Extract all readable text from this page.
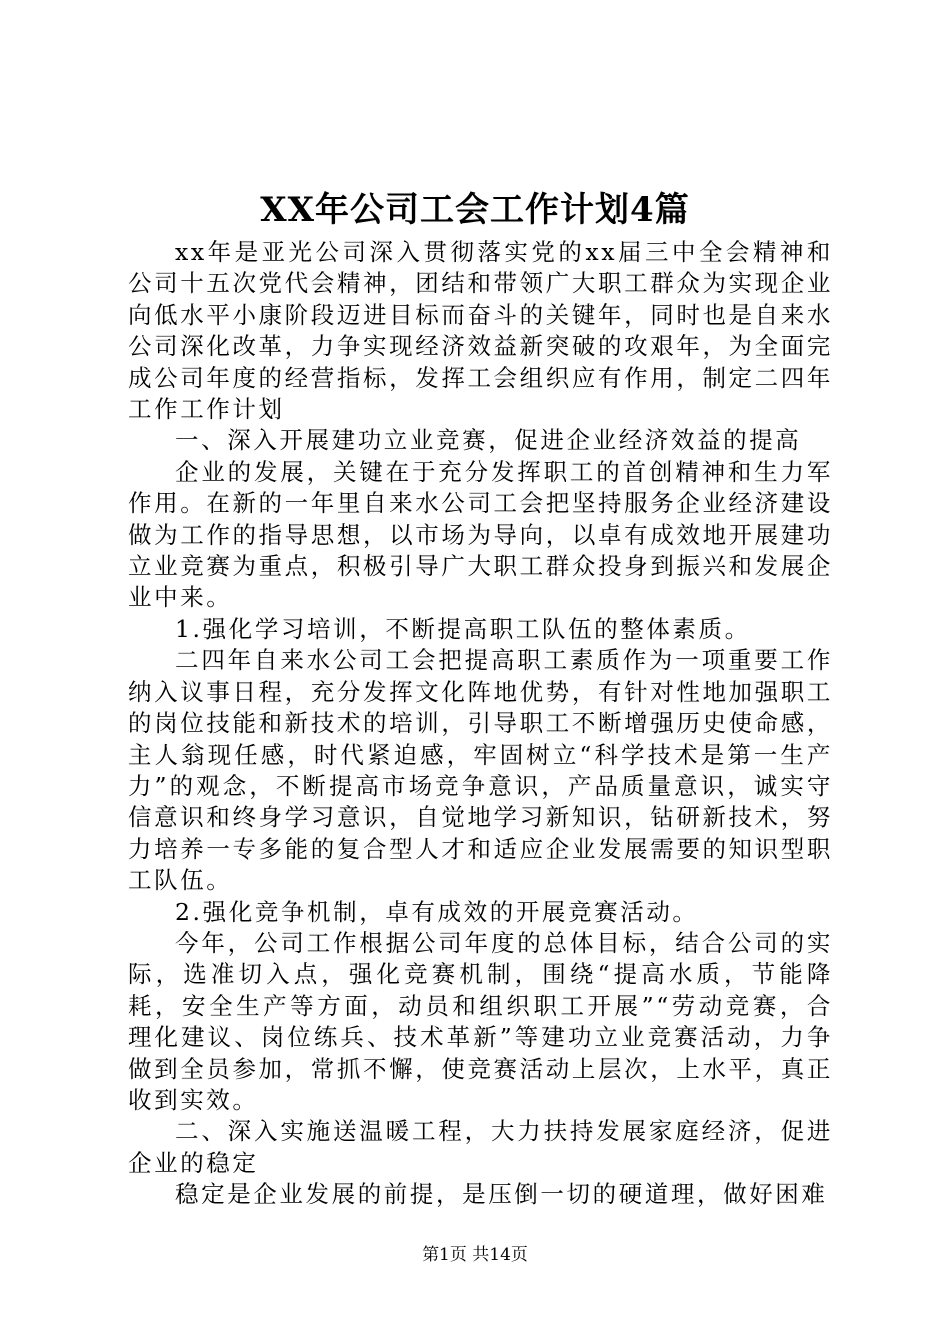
XX年公司工会工作计划4篇

xx年是亚光公司深入贯彻落实党的xx届三中全会精神和公司十五次党代会精神，团结和带领广大职工群众为实现企业向低水平小康阶段迈进目标而奋斗的关键年，同时也是自来水公司深化改革，力争实现经济效益新突破的攻艰年，为全面完成公司年度的经营指标，发挥工会组织应有作用，制定二四年工作工作计划

一、深入开展建功立业竞赛，促进企业经济效益的提高

企业的发展，关键在于充分发挥职工的首创精神和生力军作用。在新的一年里自来水公司工会把坚持服务企业经济建设做为工作的指导思想，以市场为导向，以卓有成效地开展建功立业竞赛为重点，积极引导广大职工群众投身到振兴和发展企业中来。

1.强化学习培训，不断提高职工队伍的整体素质。

二四年自来水公司工会把提高职工素质作为一项重要工作纳入议事日程，充分发挥文化阵地优势，有针对性地加强职工的岗位技能和新技术的培训，引导职工不断增强历史使命感，主人翁现任感，时代紧迫感，牢固树立“科学技术是第一生产力”的观念，不断提高市场竞争意识，产品质量意识，诚实守信意识和终身学习意识，自觉地学习新知识，钻研新技术，努力培养一专多能的复合型人才和适应企业发展需要的知识型职工队伍。

2.强化竞争机制，卓有成效的开展竞赛活动。

今年，公司工作根据公司年度的总体目标，结合公司的实际，选准切入点，强化竞赛机制，围绕“提高水质，节能降耗，安全生产等方面，动员和组织职工开展”“劳动竞赛，合理化建议、岗位练兵、技术革新”等建功立业竞赛活动，力争做到全员参加，常抓不懈，使竞赛活动上层次，上水平，真正收到实效。

二、深入实施送温暖工程，大力扶持发展家庭经济，促进企业的稳定

稳定是企业发展的前提，是压倒一切的硬道理，做好困难

第1页 共14页
